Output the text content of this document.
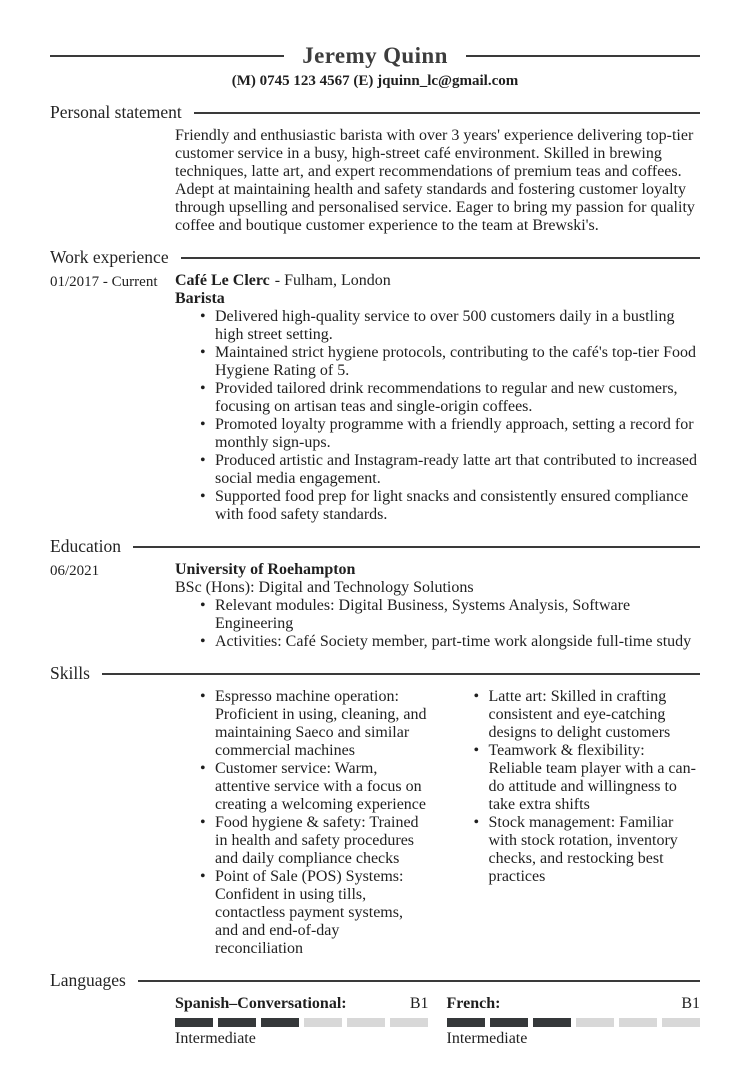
Jeremy Quinn
(M) 0745 123 4567 (E) jquinn_lc@gmail.com
Personal statement
Friendly and enthusiastic barista with over 3 years' experience delivering top-tier customer service in a busy, high-street café environment. Skilled in brewing techniques, latte art, and expert recommendations of premium teas and coffees. Adept at maintaining health and safety standards and fostering customer loyalty through upselling and personalised service. Eager to bring my passion for quality coffee and boutique customer experience to the team at Brewski's.
Work experience
01/2017 - Current	Café Le Clerc - Fulham, London
Barista
• Delivered high-quality service to over 500 customers daily in a bustling high street setting.
• Maintained strict hygiene protocols, contributing to the café's top-tier Food Hygiene Rating of 5.
• Provided tailored drink recommendations to regular and new customers, focusing on artisan teas and single-origin coffees.
• Promoted loyalty programme with a friendly approach, setting a record for monthly sign-ups.
• Produced artistic and Instagram-ready latte art that contributed to increased social media engagement.
• Supported food prep for light snacks and consistently ensured compliance with food safety standards.
Education
06/2021	University of Roehampton
BSc (Hons): Digital and Technology Solutions
• Relevant modules: Digital Business, Systems Analysis, Software Engineering
• Activities: Café Society member, part-time work alongside full-time study
Skills
• Espresso machine operation: Proficient in using, cleaning, and maintaining Saeco and similar commercial machines
• Customer service: Warm, attentive service with a focus on creating a welcoming experience
• Food hygiene & safety: Trained in health and safety procedures and daily compliance checks
• Point of Sale (POS) Systems: Confident in using tills, contactless payment systems, and and end-of-day reconciliation
• Latte art: Skilled in crafting consistent and eye-catching designs to delight customers
• Teamwork & flexibility: Reliable team player with a can-do attitude and willingness to take extra shifts
• Stock management: Familiar with stock rotation, inventory checks, and restocking best practices
Languages
Spanish–Conversational:	B1
Intermediate
French:	B1
Intermediate
